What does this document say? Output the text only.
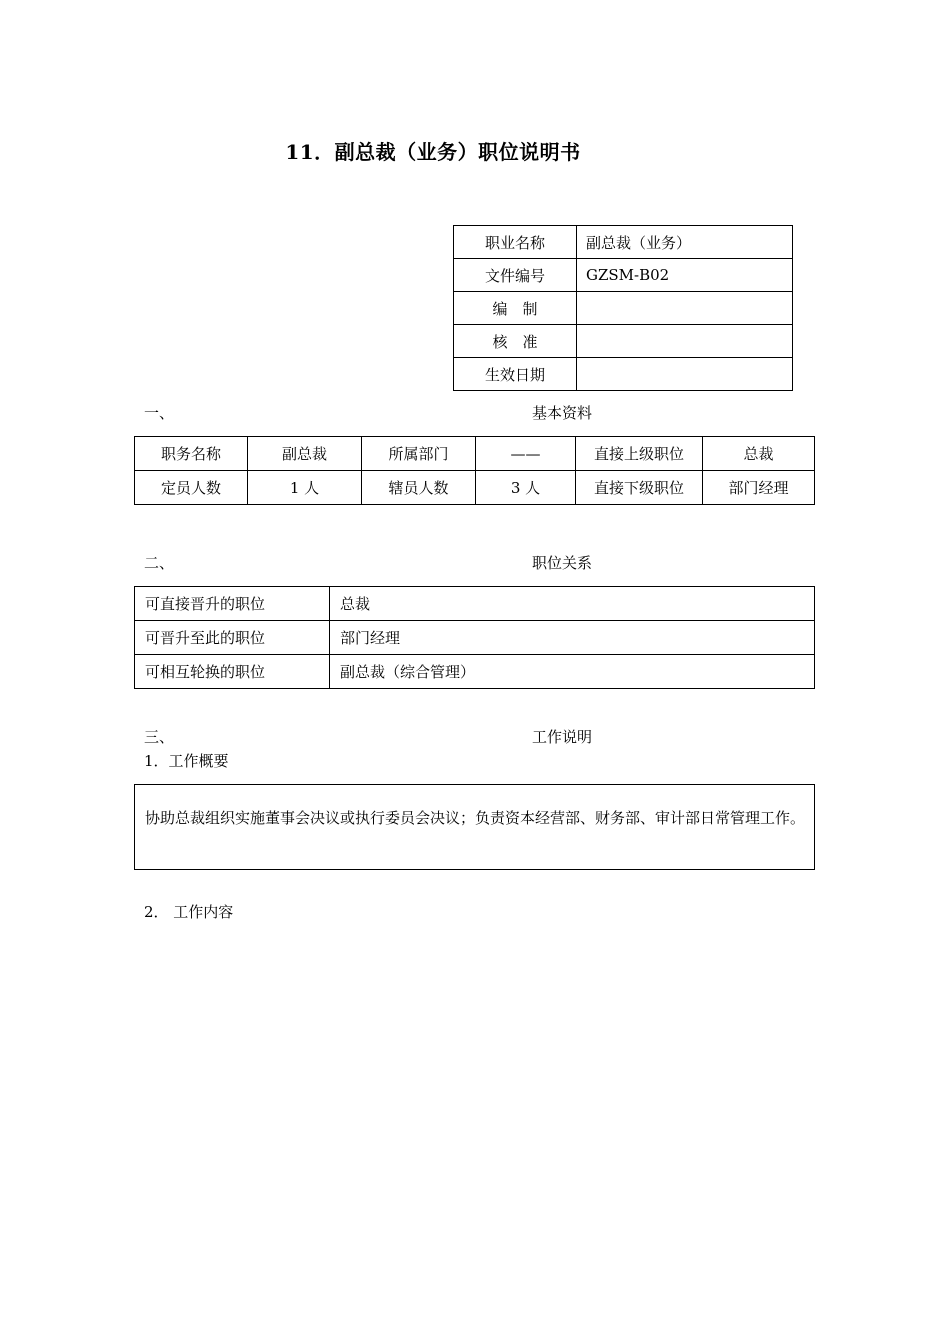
11．副总裁（业务）职位说明书
职业名称	副总裁（业务）
文件编号	GZSM-B02
编　制	
核　准	
生效日期	
一、	基本资料
职务名称	副总裁	所属部门	——	直接上级职位	总裁
定员人数	1 人	辖员人数	3 人	直接下级职位	部门经理
二、	职位关系
可直接晋升的职位	总裁
可晋升至此的职位	部门经理
可相互轮换的职位	副总裁（综合管理）
三、	工作说明
1．工作概要
协助总裁组织实施董事会决议或执行委员会决议；负责资本经营部、财务部、审计部日常管理工作。
2． 工作内容
